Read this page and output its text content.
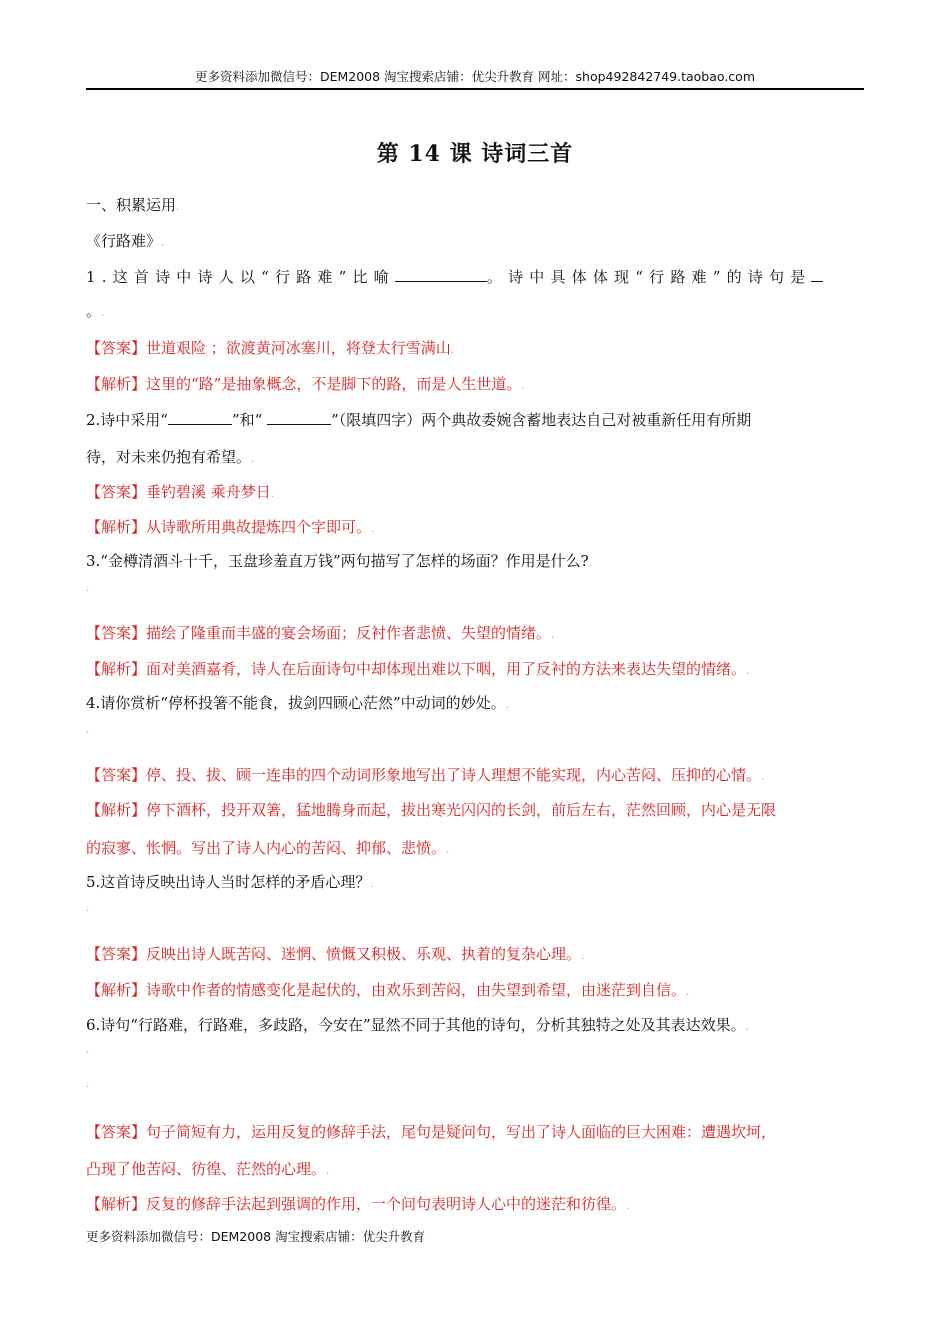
更多资料添加微信号：DEM2008 淘宝搜索店铺：优尖升教育 网址：shop492842749.taobao.com
第 14 课 诗词三首
一、积累运用.
《行路难》.
1.这首诗中诗人以“行路难”比喻	。诗中具体体现“行路难”的诗句是
。.
【答案】世道艰险 ；欲渡黄河冰塞川，将登太行雪满山.
【解析】这里的“路”是抽象概念，不是脚下的路，而是人生世道。.
2.诗中采用“	”和“	”（限填四字）两个典故委婉含蓄地表达自己对被重新任用有所期
待，对未来仍抱有希望。.
【答案】垂钓碧溪 乘舟梦日.
【解析】从诗歌所用典故提炼四个字即可。.
3.“金樽清酒斗十千，玉盘珍羞直万钱”两句描写了怎样的场面？作用是什么?.
.
【答案】描绘了隆重而丰盛的宴会场面；反衬作者悲愤、失望的情绪。.
【解析】面对美酒嘉肴，诗人在后面诗句中却体现出难以下咽，用了反衬的方法来表达失望的情绪。.
4.请你赏析“停杯投箸不能食，拔剑四顾心茫然”中动词的妙处。.
.
【答案】停、投、拔、顾一连串的四个动词形象地写出了诗人理想不能实现，内心苦闷、压抑的心情。.
【解析】停下酒杯，投开双箸，猛地腾身而起，拔出寒光闪闪的长剑，前后左右，茫然回顾，内心是无限
的寂寥、怅惘。写出了诗人内心的苦闷、抑郁、悲愤。.
5.这首诗反映出诗人当时怎样的矛盾心理？.
.
【答案】反映出诗人既苦闷、迷惘、愤慨又积极、乐观、执着的复杂心理。.
【解析】诗歌中作者的情感变化是起伏的，由欢乐到苦闷，由失望到希望，由迷茫到自信。.
6.诗句“行路难，行路难，多歧路，今安在”显然不同于其他的诗句，分析其独特之处及其表达效果。.
.
.
【答案】句子简短有力，运用反复的修辞手法，尾句是疑问句，写出了诗人面临的巨大困难：遭遇坎坷，
凸现了他苦闷、彷徨、茫然的心理。.
【解析】反复的修辞手法起到强调的作用，一个问句表明诗人心中的迷茫和彷徨。.
更多资料添加微信号：DEM2008 淘宝搜索店铺：优尖升教育
